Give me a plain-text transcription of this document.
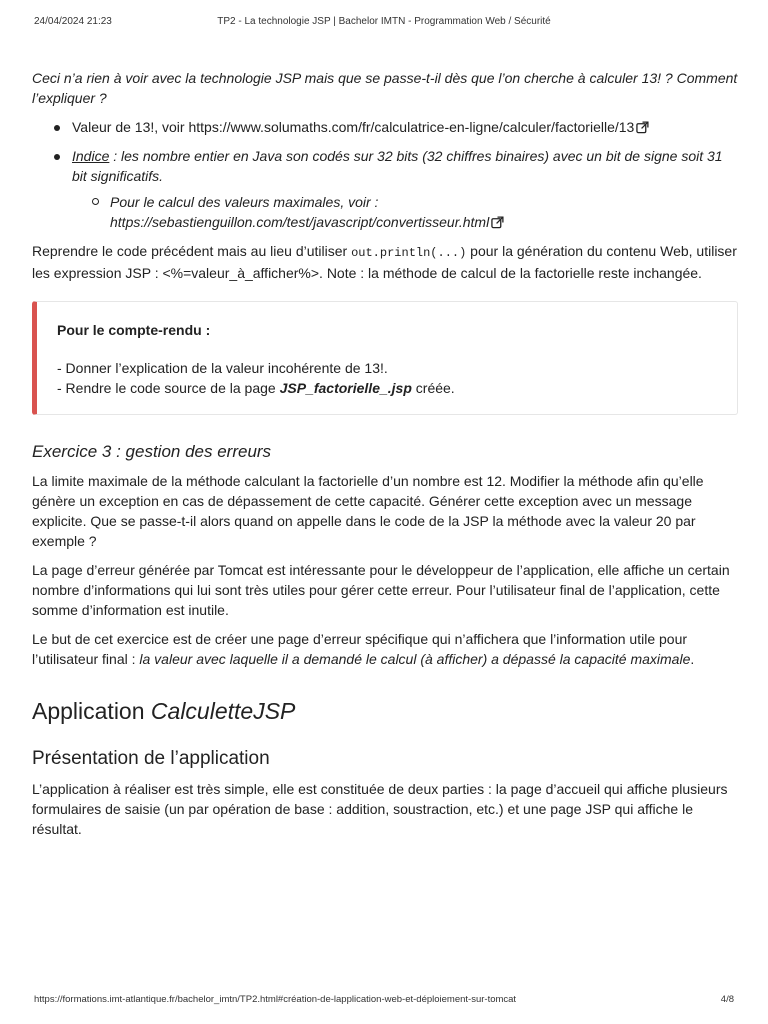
24/04/2024 21:23	TP2 - La technologie JSP | Bachelor IMTN - Programmation Web / Sécurité

Ceci n’a rien à voir avec la technologie JSP mais que se passe-t-il dès que l’on cherche à calculer 13! ? Comment l’expliquer ?

Valeur de 13!, voir https://www.solumaths.com/fr/calculatrice-en-ligne/calculer/factorielle/13
Indice : les nombre entier en Java son codés sur 32 bits (32 chiffres binaires) avec un bit de signe soit 31 bit significatifs.
Pour le calcul des valeurs maximales, voir : https://sebastienguillon.com/test/javascript/convertisseur.html

Reprendre le code précédent mais au lieu d’utiliser out.println(...) pour la génération du contenu Web, utiliser les expression JSP : <%=valeur_à_afficher%>. Note : la méthode de calcul de la factorielle reste inchangée.

Pour le compte-rendu :
- Donner l’explication de la valeur incohérente de 13!.
- Rendre le code source de la page JSP_factorielle_.jsp créée.
Exercice 3 : gestion des erreurs

La limite maximale de la méthode calculant la factorielle d’un nombre est 12. Modifier la méthode afin qu’elle génère un exception en cas de dépassement de cette capacité. Générer cette exception avec un message explicite. Que se passe-t-il alors quand on appelle dans le code de la JSP la méthode avec la valeur 20 par exemple ?

La page d’erreur générée par Tomcat est intéressante pour le développeur de l’application, elle affiche un certain nombre d’informations qui lui sont très utiles pour gérer cette erreur. Pour l’utilisateur final de l’application, cette somme d’information est inutile.

Le but de cet exercice est de créer une page d’erreur spécifique qui n’affichera que l’information utile pour l’utilisateur final : la valeur avec laquelle il a demandé le calcul (à afficher) a dépassé la capacité maximale.

Application CalculetteJSP
Présentation de l’application

L’application à réaliser est très simple, elle est constituée de deux parties : la page d’accueil qui affiche plusieurs formulaires de saisie (un par opération de base : addition, soustraction, etc.) et une page JSP qui affiche le résultat.

https://formations.imt-atlantique.fr/bachelor_imtn/TP2.html#création-de-lapplication-web-et-déploiement-sur-tomcat	4/8
